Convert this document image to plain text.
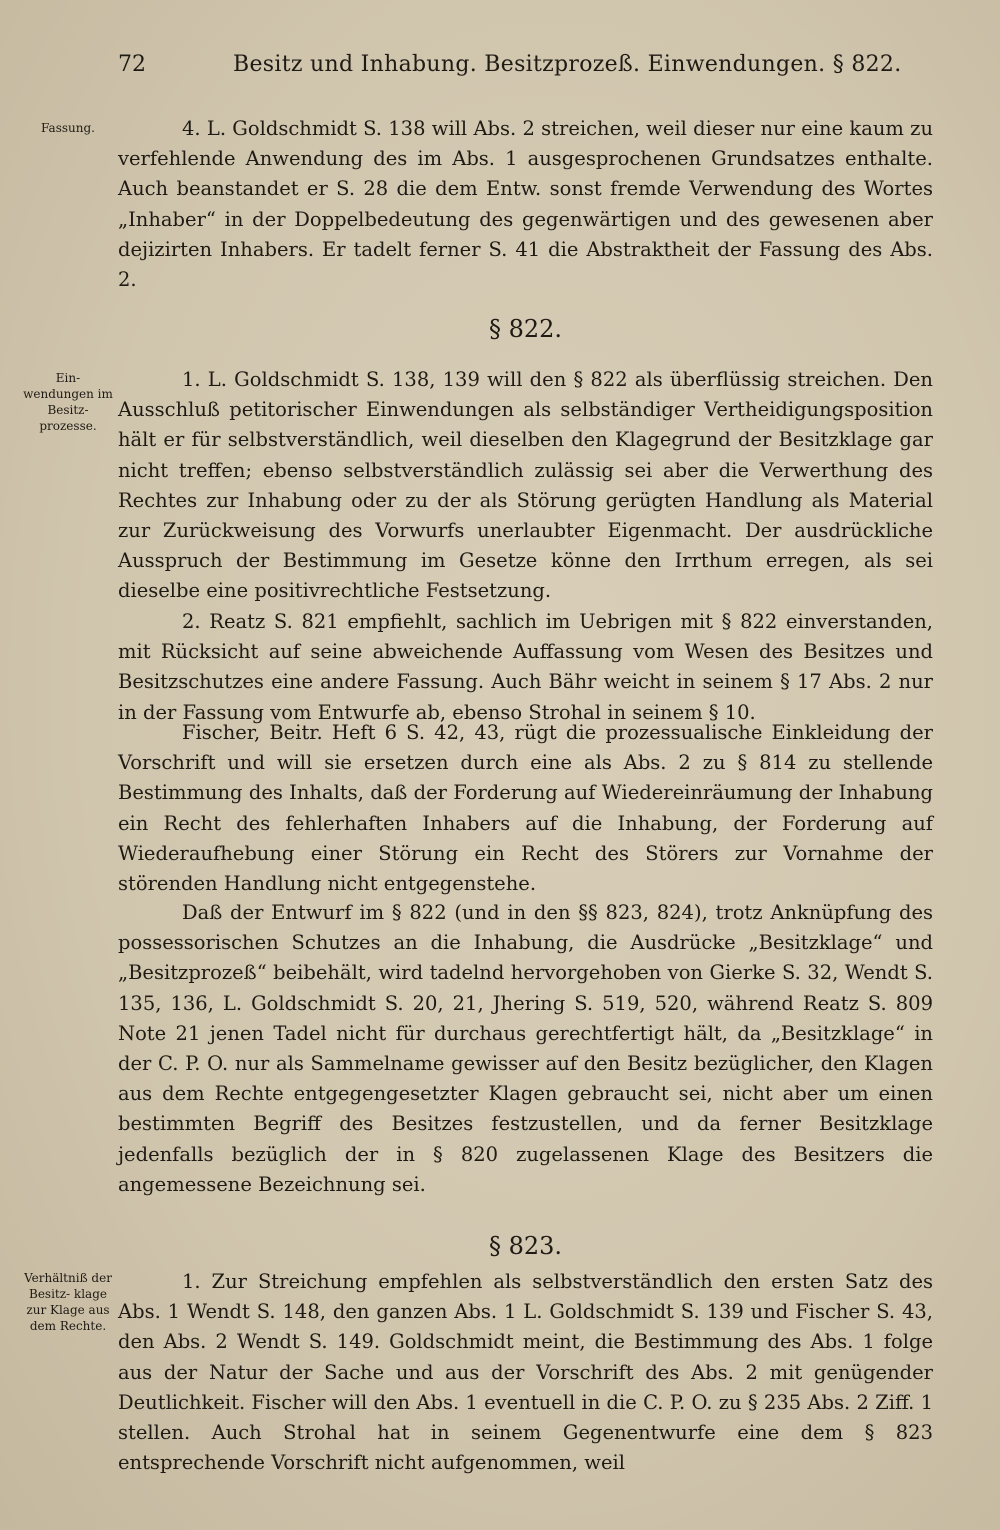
72	Besitz und Inhabung. Besitzprozeß. Einwendungen. § 822.
Fassung.
Ein- wendungen im Besitz- prozesse.
Verhältniß der Besitz- klage zur Klage aus dem Rechte.

4. L. Goldschmidt S. 138 will Abs. 2 streichen, weil dieser nur eine kaum zu verfehlende Anwendung des im Abs. 1 ausgesprochenen Grundsatzes enthalte. Auch beanstandet er S. 28 die dem Entw. sonst fremde Verwendung des Wortes „Inhaber“ in der Doppelbedeutung des gegenwärtigen und des gewesenen aber dejizirten Inhabers. Er tadelt ferner S. 41 die Abstraktheit der Fassung des Abs. 2.

§ 822.

1. L. Goldschmidt S. 138, 139 will den § 822 als überflüssig streichen. Den Ausschluß petitorischer Einwendungen als selbständiger Vertheidigungsposition hält er für selbstverständlich, weil dieselben den Klagegrund der Besitzklage gar nicht treffen; ebenso selbstverständlich zulässig sei aber die Verwerthung des Rechtes zur Inhabung oder zu der als Störung gerügten Handlung als Material zur Zurückweisung des Vorwurfs unerlaubter Eigenmacht. Der ausdrückliche Ausspruch der Bestimmung im Gesetze könne den Irrthum erregen, als sei dieselbe eine positivrechtliche Festsetzung.

2. Reatz S. 821 empfiehlt, sachlich im Uebrigen mit § 822 einverstanden, mit Rücksicht auf seine abweichende Auffassung vom Wesen des Besitzes und Besitzschutzes eine andere Fassung. Auch Bähr weicht in seinem § 17 Abs. 2 nur in der Fassung vom Entwurfe ab, ebenso Strohal in seinem § 10.

Fischer, Beitr. Heft 6 S. 42, 43, rügt die prozessualische Einkleidung der Vorschrift und will sie ersetzen durch eine als Abs. 2 zu § 814 zu stellende Bestimmung des Inhalts, daß der Forderung auf Wiedereinräumung der Inhabung ein Recht des fehlerhaften Inhabers auf die Inhabung, der Forderung auf Wiederaufhebung einer Störung ein Recht des Störers zur Vornahme der störenden Handlung nicht entgegenstehe.

Daß der Entwurf im § 822 (und in den §§ 823, 824), trotz Anknüpfung des possessorischen Schutzes an die Inhabung, die Ausdrücke „Besitzklage“ und „Besitzprozeß“ beibehält, wird tadelnd hervorgehoben von Gierke S. 32, Wendt S. 135, 136, L. Goldschmidt S. 20, 21, Jhering S. 519, 520, während Reatz S. 809 Note 21 jenen Tadel nicht für durchaus gerechtfertigt hält, da „Besitzklage“ in der C. P. O. nur als Sammelname gewisser auf den Besitz bezüglicher, den Klagen aus dem Rechte entgegengesetzter Klagen gebraucht sei, nicht aber um einen bestimmten Begriff des Besitzes festzustellen, und da ferner Besitzklage jedenfalls bezüglich der in § 820 zugelassenen Klage des Besitzers die angemessene Bezeichnung sei.

§ 823.

1. Zur Streichung empfehlen als selbstverständlich den ersten Satz des Abs. 1 Wendt S. 148, den ganzen Abs. 1 L. Goldschmidt S. 139 und Fischer S. 43, den Abs. 2 Wendt S. 149. Goldschmidt meint, die Bestimmung des Abs. 1 folge aus der Natur der Sache und aus der Vorschrift des Abs. 2 mit genügender Deutlichkeit. Fischer will den Abs. 1 eventuell in die C. P. O. zu § 235 Abs. 2 Ziff. 1 stellen. Auch Strohal hat in seinem Gegenentwurfe eine dem § 823 entsprechende Vorschrift nicht aufgenommen, weil
